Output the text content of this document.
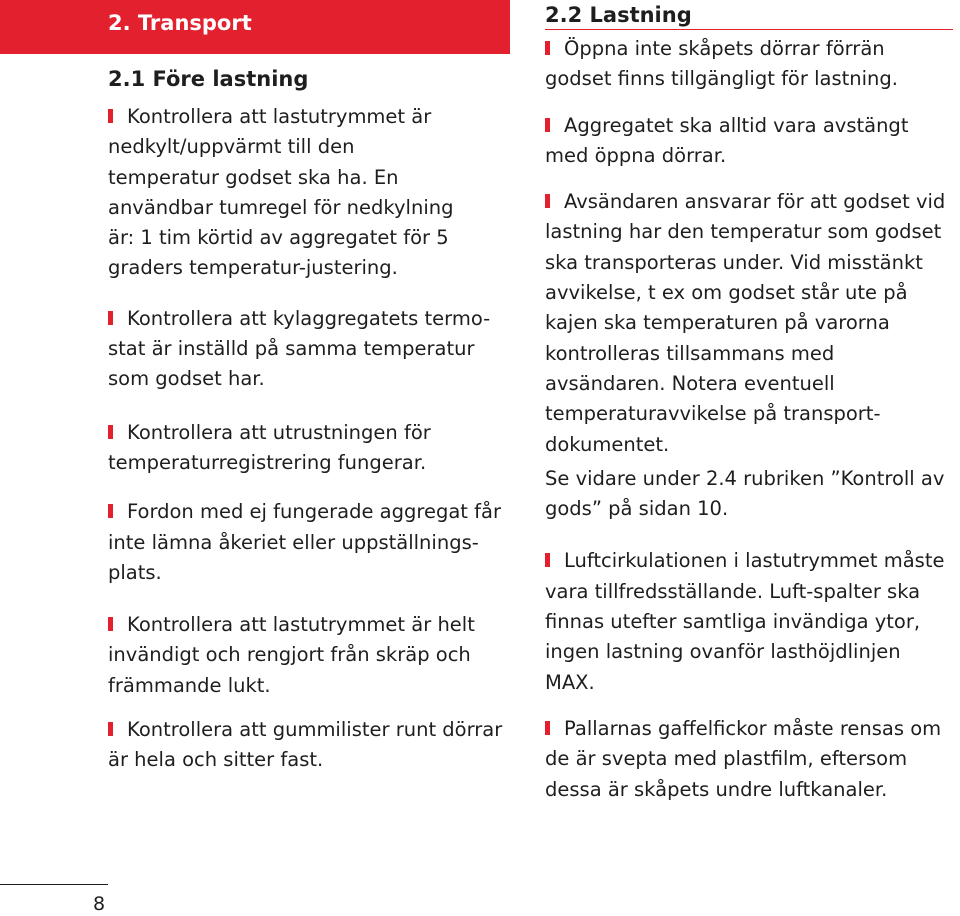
2. Transport
2.1 Före lastning

Kontrollera att lastutrymmet är nedkylt/uppvärmt till den temperatur godset ska ha. En användbar tumregel för nedkylning är: 1 tim körtid av aggregatet för 5 graders temperatur-justering.

Kontrollera att kylaggregatets termo-stat är inställd på samma temperatur som godset har.

Kontrollera att utrustningen för temperaturregistrering fungerar.

Fordon med ej fungerade aggregat får inte lämna åkeriet eller uppställnings-plats.

Kontrollera att lastutrymmet är helt invändigt och rengjort från skräp och främmande lukt.

Kontrollera att gummilister runt dörrar är hela och sitter fast.

2.2 Lastning

Öppna inte skåpets dörrar förrän godset finns tillgängligt för lastning.

Aggregatet ska alltid vara avstängt med öppna dörrar.

Avsändaren ansvarar för att godset vid lastning har den temperatur som godset ska transporteras under. Vid misstänkt avvikelse, t ex om godset står ute på kajen ska temperaturen på varorna kontrolleras tillsammans med avsändaren. Notera eventuell temperaturavvikelse på transport-dokumentet.

Se vidare under 2.4 rubriken ”Kontroll av gods” på sidan 10.

Luftcirkulationen i lastutrymmet måste vara tillfredsställande. Luft-spalter ska finnas utefter samtliga invändiga ytor, ingen lastning ovanför lasthöjdlinjen MAX.

Pallarnas gaffelfickor måste rensas om de är svepta med plastfilm, eftersom dessa är skåpets undre luftkanaler.

8
